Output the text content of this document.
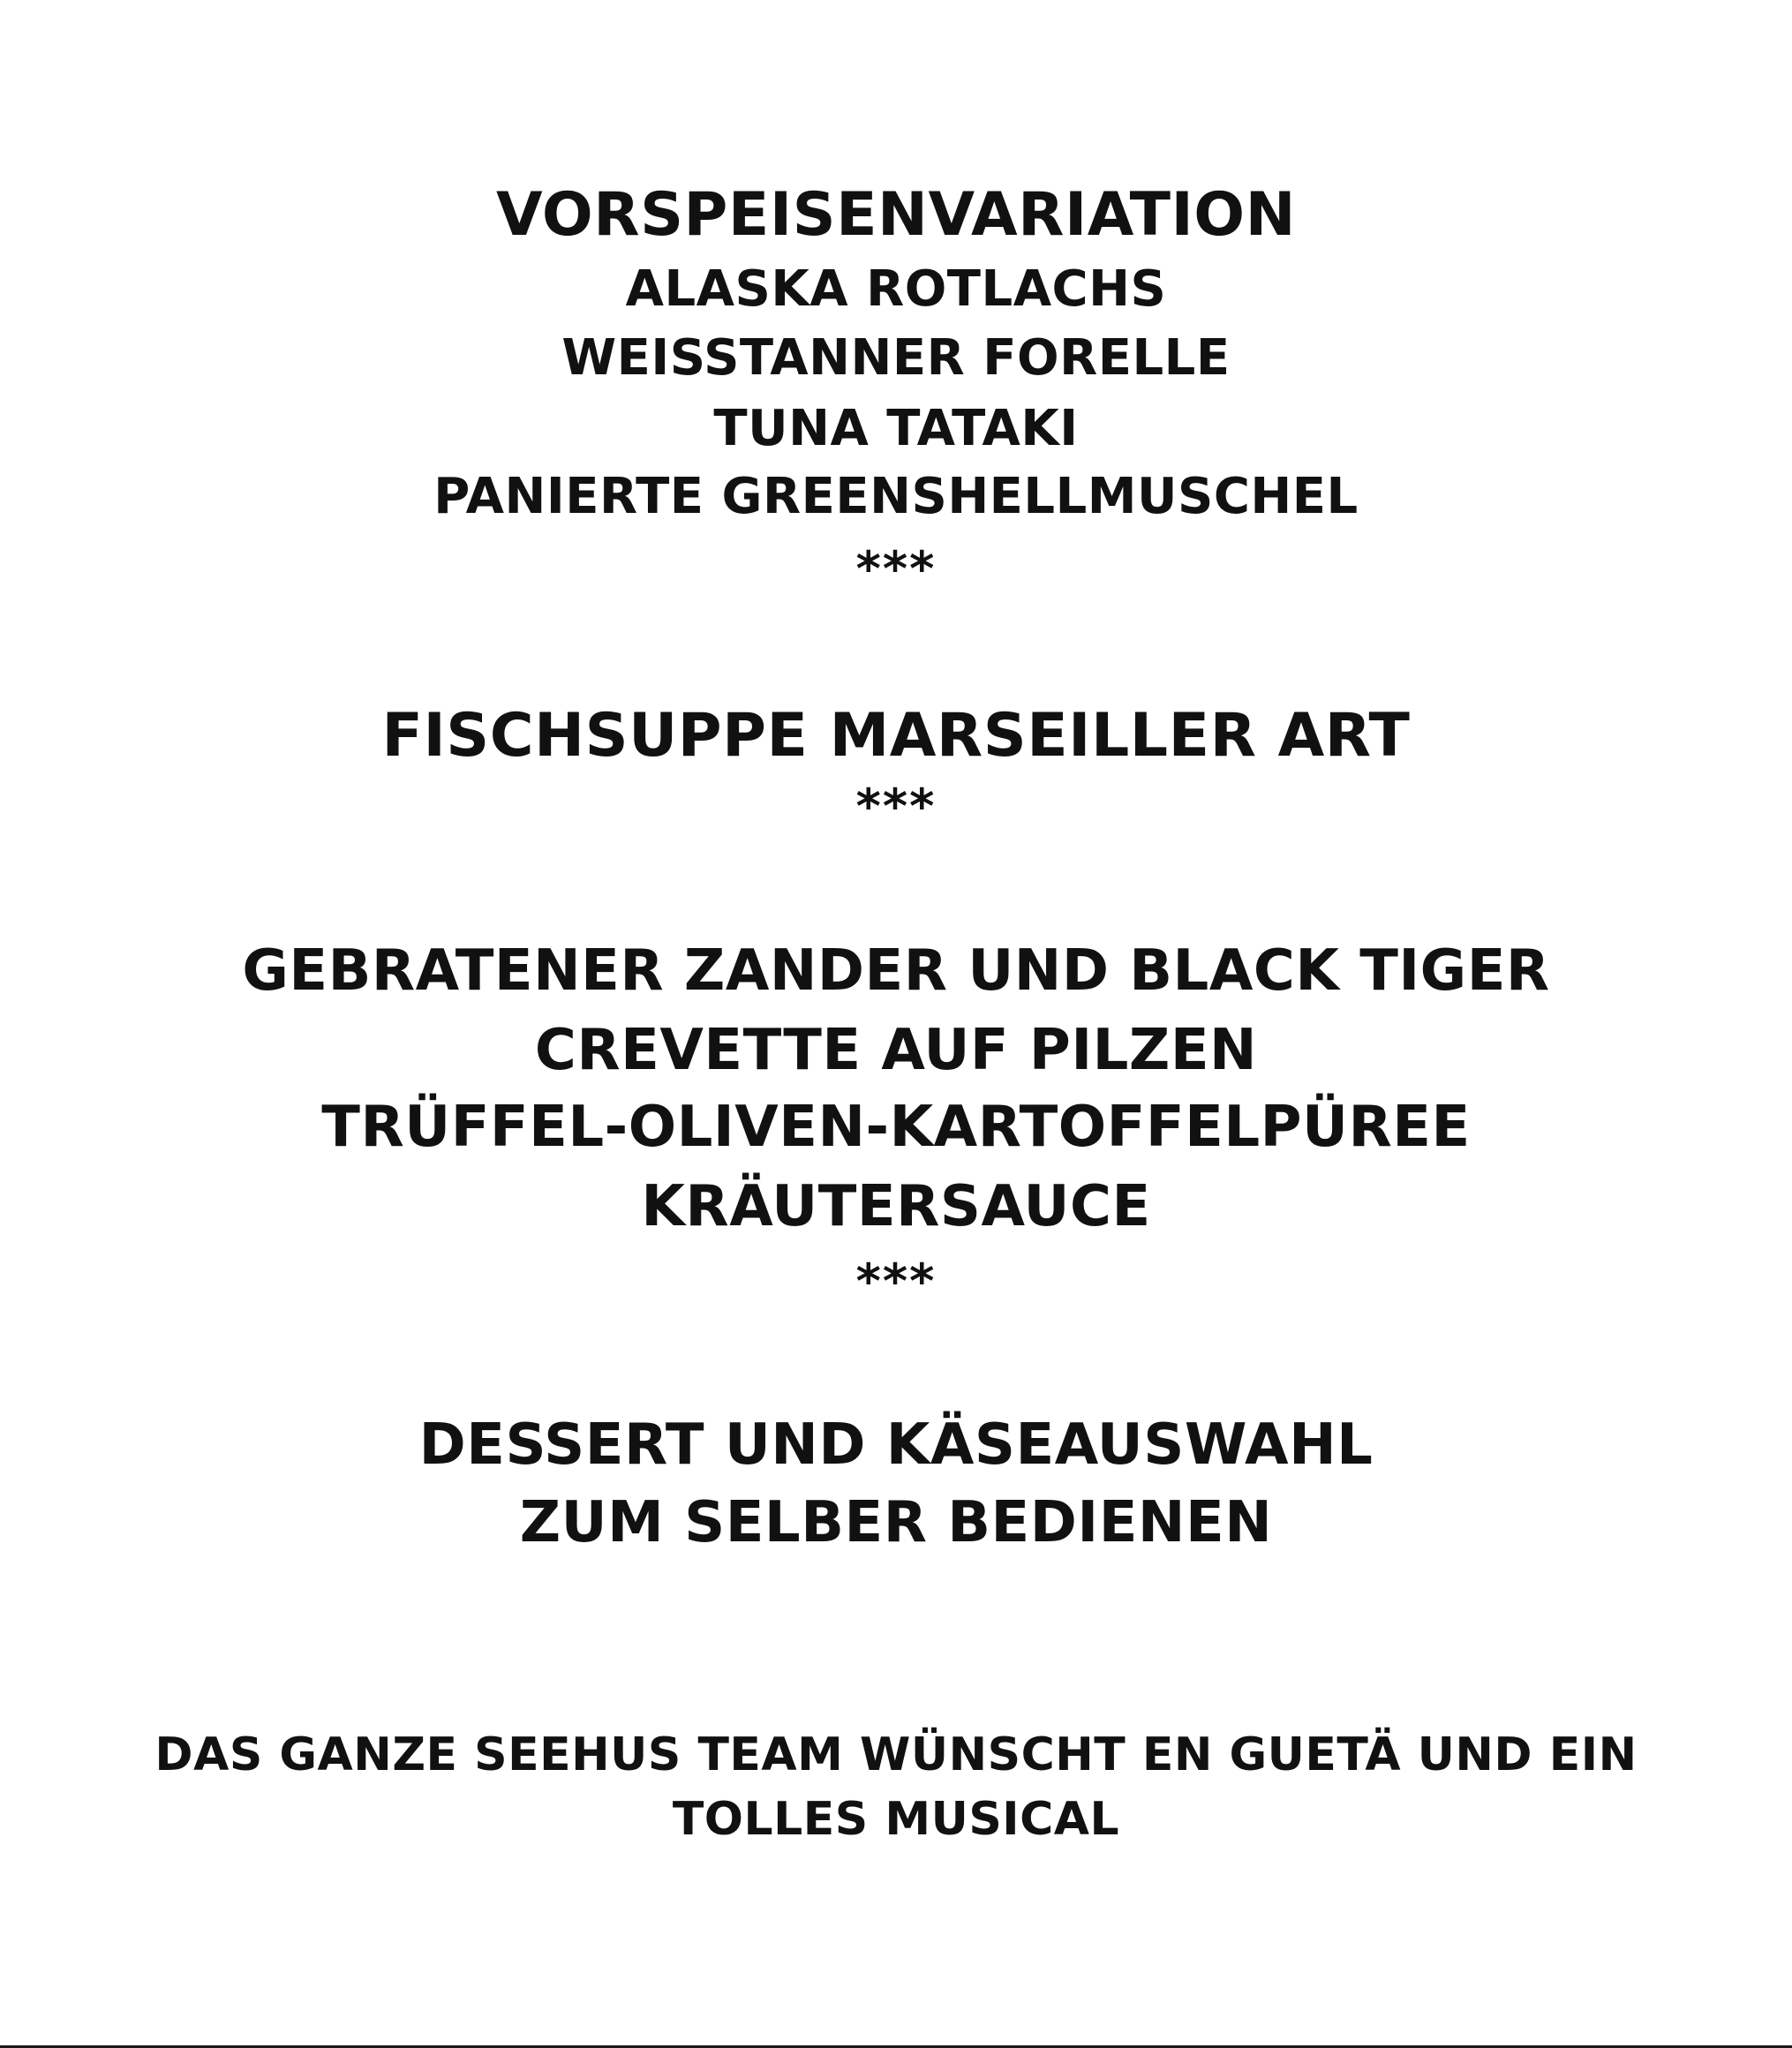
VORSPEISENVARIATION
ALASKA ROTLACHS
WEISSTANNER FORELLE
TUNA TATAKI
PANIERTE GREENSHELLMUSCHEL
***
FISCHSUPPE MARSEILLER ART
***
GEBRATENER ZANDER UND BLACK TIGER
CREVETTE AUF PILZEN
TRÜFFEL-OLIVEN-KARTOFFELPÜREE
KRÄUTERSAUCE
***
DESSERT UND KÄSEAUSWAHL
ZUM SELBER BEDIENEN
DAS GANZE SEEHUS TEAM WÜNSCHT EN GUETÄ UND EIN
TOLLES MUSICAL
